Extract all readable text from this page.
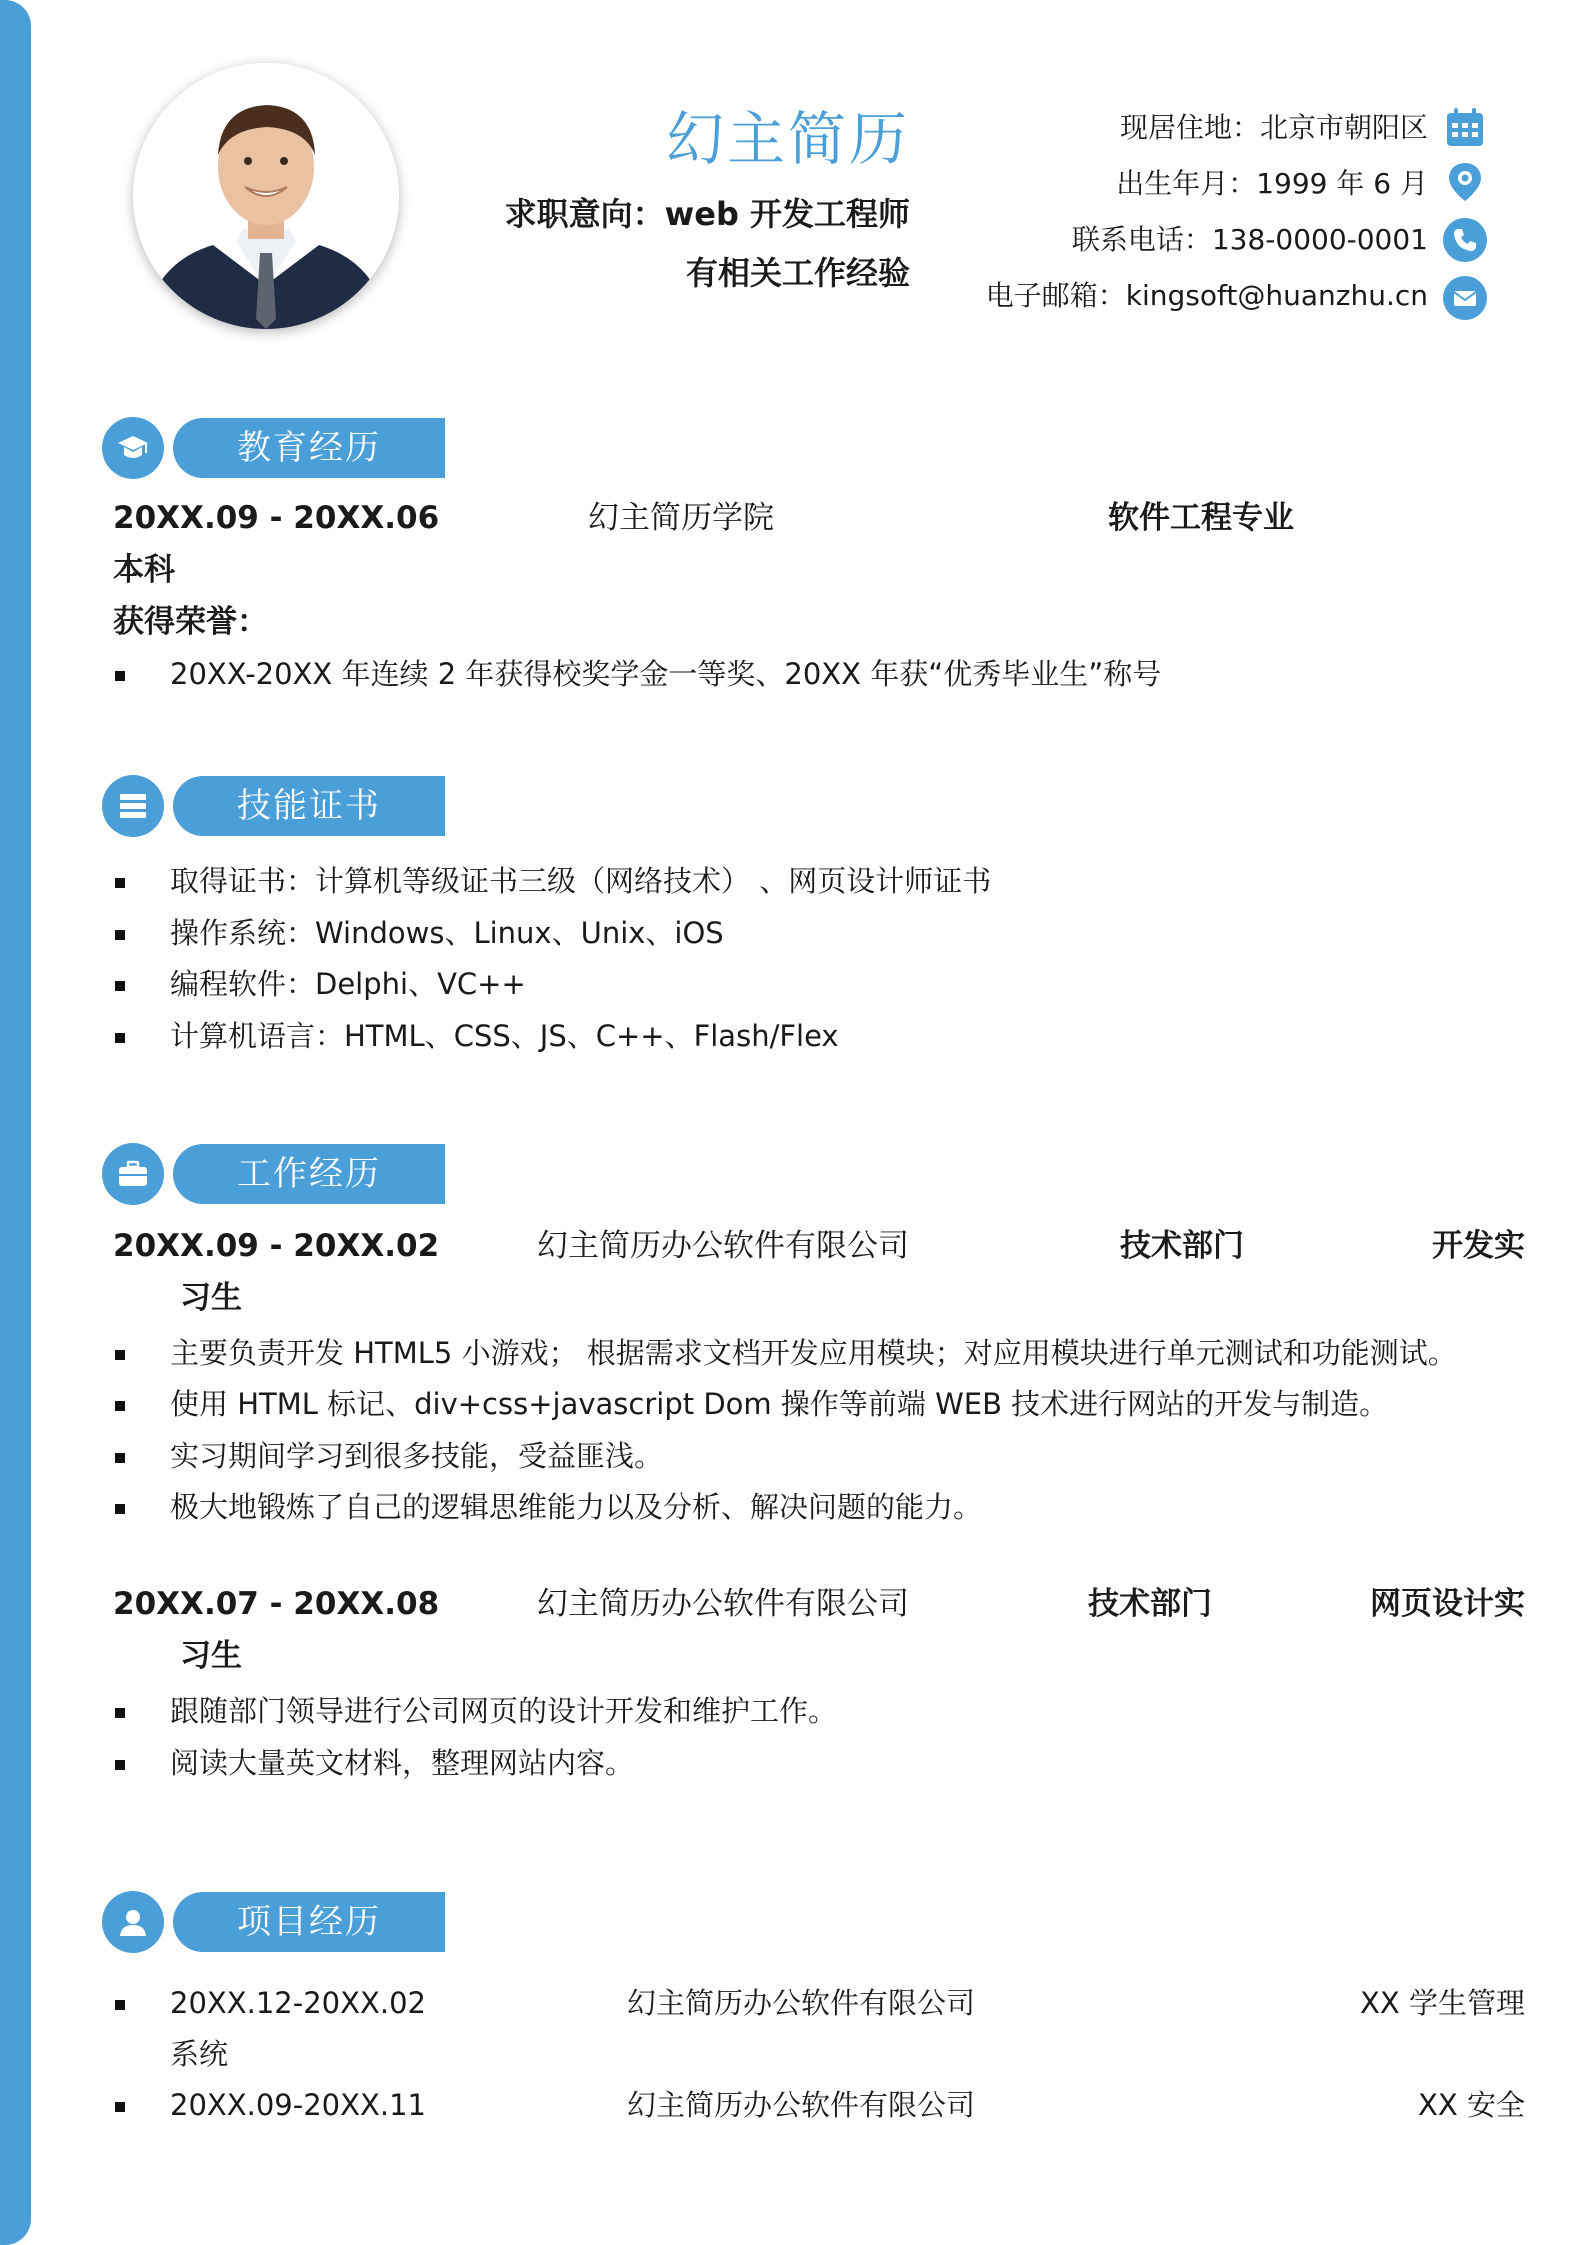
幻主简历
求职意向：web 开发工程师
有相关工作经验
现居住地：北京市朝阳区
出生年月：1999 年 6 月
联系电话：138-0000-0001
电子邮箱：kingsoft@huanzhu.cn
教育经历
20XX.09 - 20XX.06	幻主简历学院	软件工程专业
本科
获得荣誉：
20XX-20XX 年连续 2 年获得校奖学金一等奖、20XX 年获“优秀毕业生”称号
技能证书
取得证书：计算机等级证书三级（网络技术） 、网页设计师证书
操作系统：Windows、Linux、Unix、iOS
编程软件：Delphi、VC++
计算机语言：HTML、CSS、JS、C++、Flash/Flex
工作经历
20XX.09 - 20XX.02	幻主简历办公软件有限公司	技术部门	开发实
习生
主要负责开发 HTML5 小游戏； 根据需求文档开发应用模块；对应用模块进行单元测试和功能测试。
使用 HTML 标记、div+css+javascript Dom 操作等前端 WEB 技术进行网站的开发与制造。
实习期间学习到很多技能，受益匪浅。
极大地锻炼了自己的逻辑思维能力以及分析、解决问题的能力。
20XX.07 - 20XX.08	幻主简历办公软件有限公司	技术部门	网页设计实
习生
跟随部门领导进行公司网页的设计开发和维护工作。
阅读大量英文材料，整理网站内容。
项目经历
20XX.12-20XX.02	幻主简历办公软件有限公司	XX 学生管理
系统
20XX.09-20XX.11	幻主简历办公软件有限公司	XX 安全
